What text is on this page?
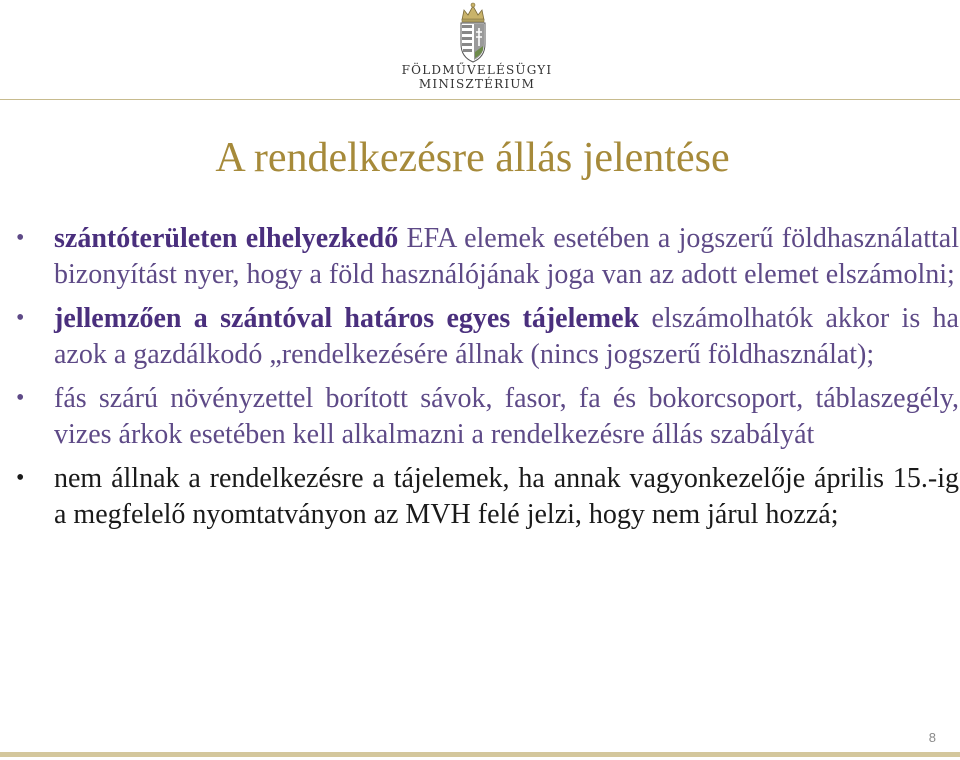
FÖLDMŰVELÉSÜGYI
MINISZTÉRIUM
A rendelkezésre állás jelentése
• szántóterületen elhelyezkedő EFA elemek esetében a jogszerű földhasználattal bizonyítást nyer, hogy a föld használójának joga van az adott elemet elszámolni;
• jellemzően a szántóval határos egyes tájelemek elszámolhatók akkor is ha azok a gazdálkodó „rendelkezésére állnak (nincs jogszerű földhasználat);
• fás szárú növényzettel borított sávok, fasor, fa és bokorcsoport, táblaszegély, vizes árkok esetében kell alkalmazni a rendelkezésre állás szabályát
• nem állnak a rendelkezésre a tájelemek, ha annak vagyonkezelője április 15.-ig a megfelelő nyomtatványon az MVH felé jelzi, hogy nem járul hozzá;
8
